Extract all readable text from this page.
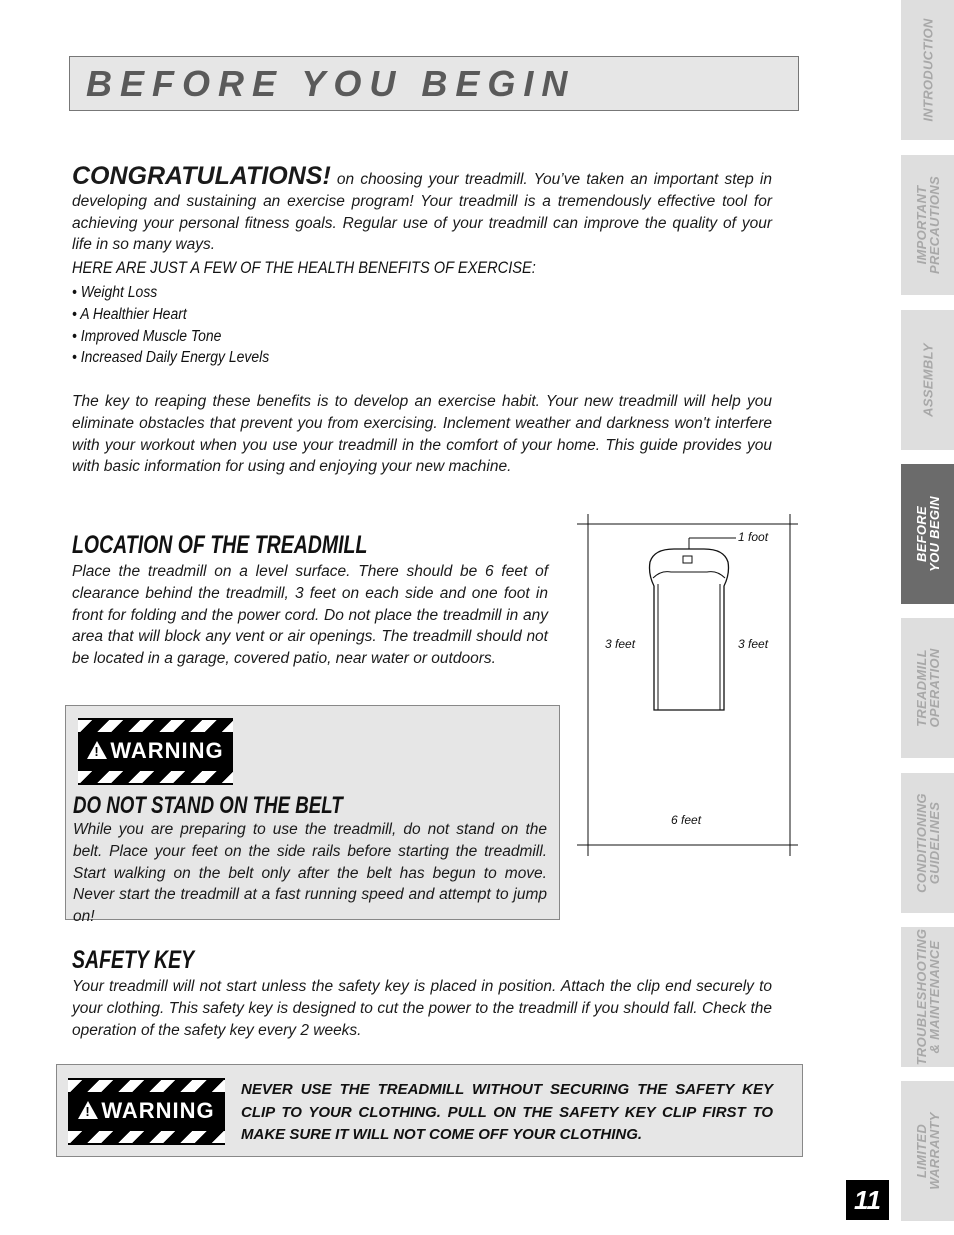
BEFORE YOU BEGIN
CONGRATULATIONS! on choosing your treadmill. You’ve taken an important step in developing and sustaining an exercise program! Your treadmill is a tremendously effective tool for achieving your personal fitness goals. Regular use of your treadmill can improve the quality of your life in so many ways.
HERE ARE JUST A FEW OF THE HEALTH BENEFITS OF EXERCISE:
• Weight Loss
• A Healthier Heart
• Improved Muscle Tone
• Increased Daily Energy Levels
The key to reaping these benefits is to develop an exercise habit. Your new treadmill will help you eliminate obstacles that prevent you from exercising. Inclement weather and darkness won't interfere with your workout when you use your treadmill in the comfort of your home. This guide provides you with basic information for using and enjoying your new machine.
LOCATION OF THE TREADMILL
Place the treadmill on a level surface. There should be 6 feet of clearance behind the treadmill, 3 feet on each side and one foot in front for folding and the power cord. Do not place the treadmill in any area that will block any vent or air openings. The treadmill should not be located in a garage, covered patio, near water or outdoors.
1 foot
3 feet	3 feet
6 feet
! WARNING
DO NOT STAND ON THE BELT
While you are preparing to use the treadmill, do not stand on the belt. Place your feet on the side rails before starting the treadmill. Start walking on the belt only after the belt has begun to move. Never start the treadmill at a fast running speed and attempt to jump on!
SAFETY KEY
Your treadmill will not start unless the safety key is placed in position. Attach the clip end securely to your clothing. This safety key is designed to cut the power to the treadmill if you should fall. Check the operation of the safety key every 2 weeks.
! WARNING
NEVER USE THE TREADMILL WITHOUT SECURING THE SAFETY KEY CLIP TO YOUR CLOTHING. PULL ON THE SAFETY KEY CLIP FIRST TO MAKE SURE IT WILL NOT COME OFF YOUR CLOTHING.
INTRODUCTION
IMPORTANT
PRECAUTIONS
ASSEMBLY
BEFORE
YOU BEGIN
TREADMILL
OPERATION
CONDITIONING
GUIDELINES
TROUBLESHOOTING
& MAINTENANCE
LIMITED
WARRANTY
11
